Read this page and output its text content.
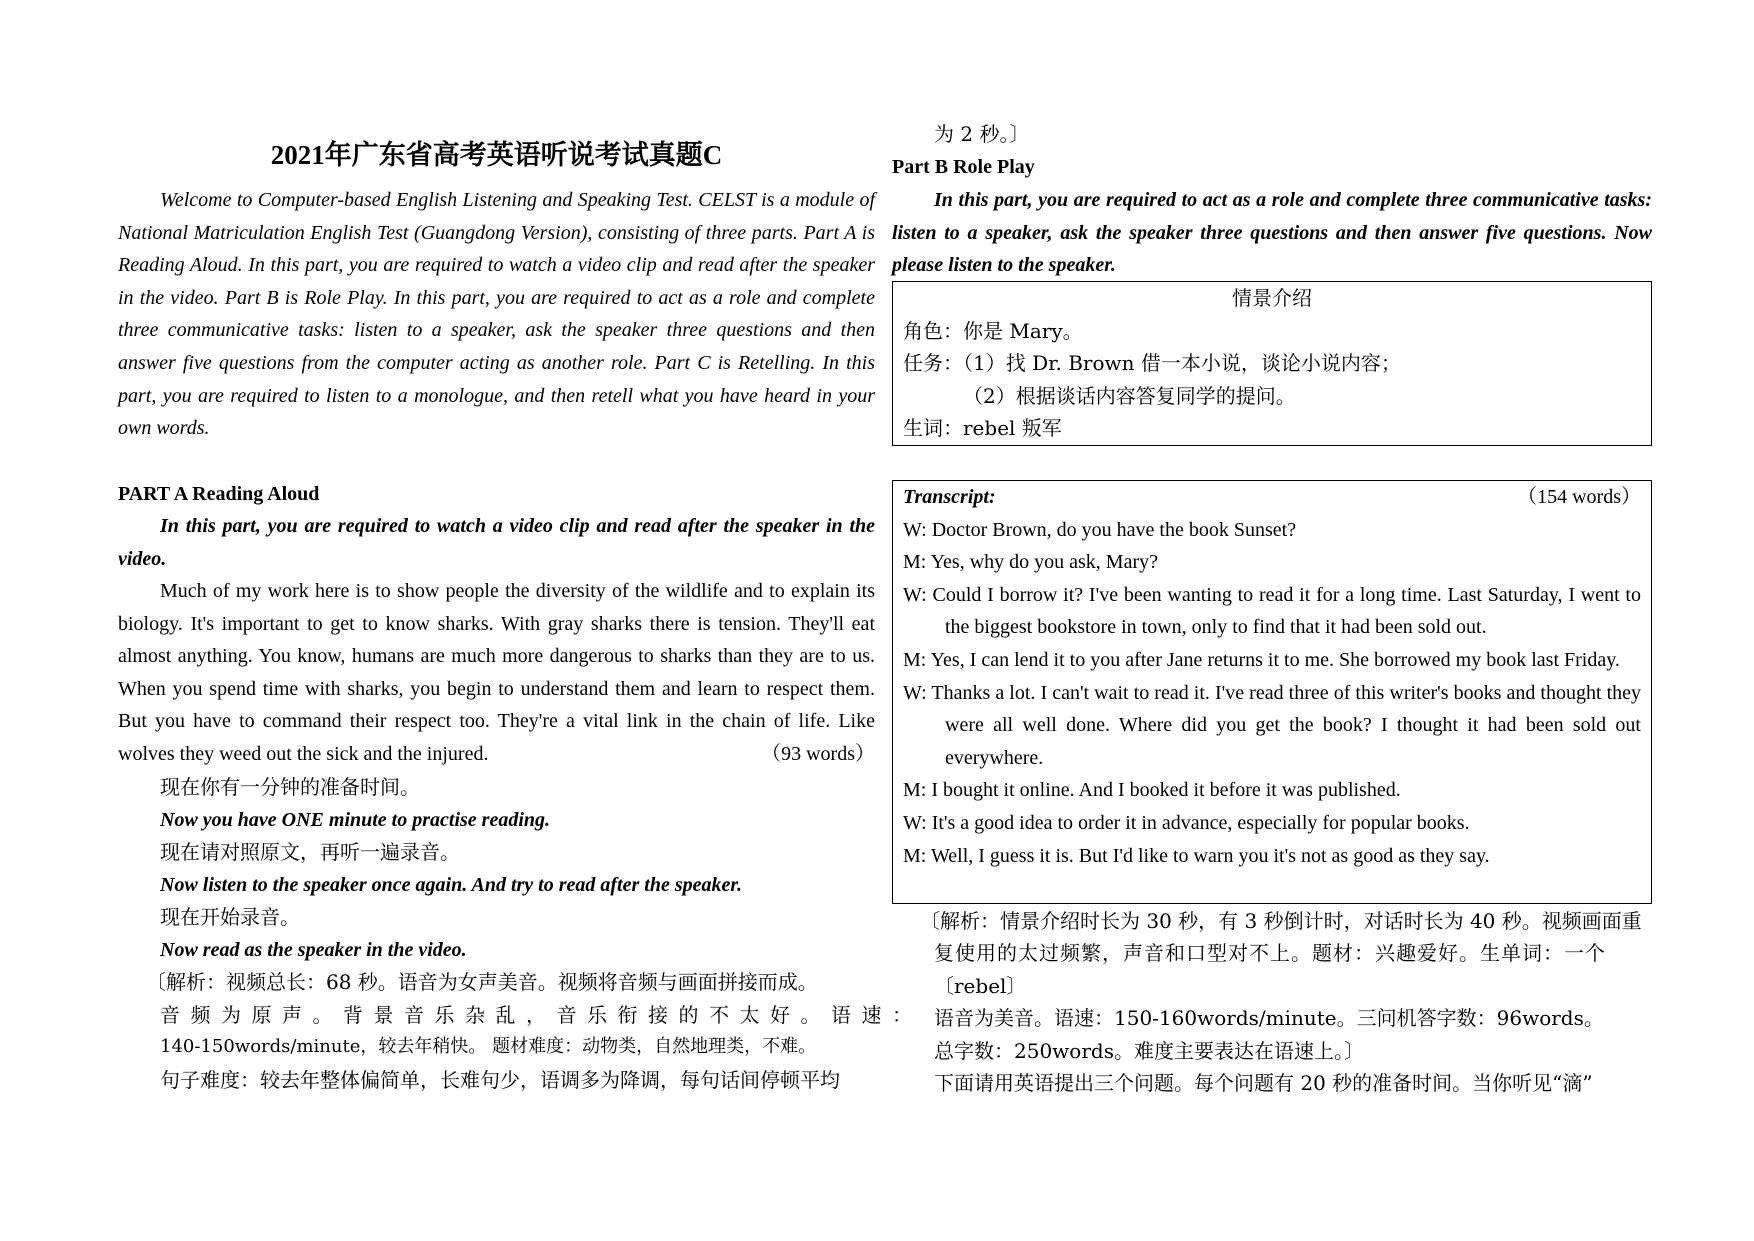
2021年广东省高考英语听说考试真题C

Welcome to Computer-based English Listening and Speaking Test. CELST is a module of National Matriculation English Test (Guangdong Version), consisting of three parts. Part A is Reading Aloud. In this part, you are required to watch a video clip and read after the speaker in the video. Part B is Role Play. In this part, you are required to act as a role and complete three communicative tasks: listen to a speaker, ask the speaker three questions and then answer five questions from the computer acting as another role. Part C is Retelling. In this part, you are required to listen to a monologue, and then retell what you have heard in your own words.

PART A Reading Aloud

In this part, you are required to watch a video clip and read after the speaker in the video.

Much of my work here is to show people the diversity of the wildlife and to explain its biology. It's important to get to know sharks. With gray sharks there is tension. They'll eat almost anything. You know, humans are much more dangerous to sharks than they are to us. When you spend time with sharks, you begin to understand them and learn to respect them. But you have to command their respect too. They're a vital link in the chain of life. Like wolves they weed out the sick and the injured.	（93 words）

现在你有一分钟的准备时间。
Now you have ONE minute to practise reading.
现在请对照原文，再听一遍录音。
Now listen to the speaker once again. And try to read after the speaker.
现在开始录音。
Now read as the speaker in the video.
〔解析：视频总长：68 秒。语音为女声美音。视频将音频与画面拼接而成。
音频为原声。背景音乐杂乱，音乐衔接的不太好。语速：
140-150words/minute，较去年稍快。 题材难度：动物类，自然地理类，不难。
句子难度：较去年整体偏简单，长难句少，语调多为降调，每句话间停顿平均
为 2 秒。〕
Part B Role Play

In this part, you are required to act as a role and complete three communicative tasks: listen to a speaker, ask the speaker three questions and then answer five questions. Now please listen to the speaker.

情景介绍
角色：你是 Mary。
任务：（1）找 Dr. Brown 借一本小说，谈论小说内容；
（2）根据谈话内容答复同学的提问。
生词：rebel 叛军
Transcript:	（154 words）
W: Doctor Brown, do you have the book Sunset?
M: Yes, why do you ask, Mary?
W: Could I borrow it? I've been wanting to read it for a long time. Last Saturday, I went to the biggest bookstore in town, only to find that it had been sold out.
M: Yes, I can lend it to you after Jane returns it to me. She borrowed my book last Friday.
W: Thanks a lot. I can't wait to read it. I've read three of this writer's books and thought they were all well done. Where did you get the book? I thought it had been sold out everywhere.
M: I bought it online. And I booked it before it was published.
W: It's a good idea to order it in advance, especially for popular books.
M: Well, I guess it is. But I'd like to warn you it's not as good as they say.
〔解析：情景介绍时长为 30 秒，有 3 秒倒计时，对话时长为 40 秒。视频画面重
复使用的太过频繁，声音和口型对不上。题材：兴趣爱好。生单词：一个
〔rebel〕
语音为美音。语速：150-160words/minute。三问机答字数：96words。
总字数：250words。难度主要表达在语速上。〕
下面请用英语提出三个问题。每个问题有 20 秒的准备时间。当你听见“滴”
